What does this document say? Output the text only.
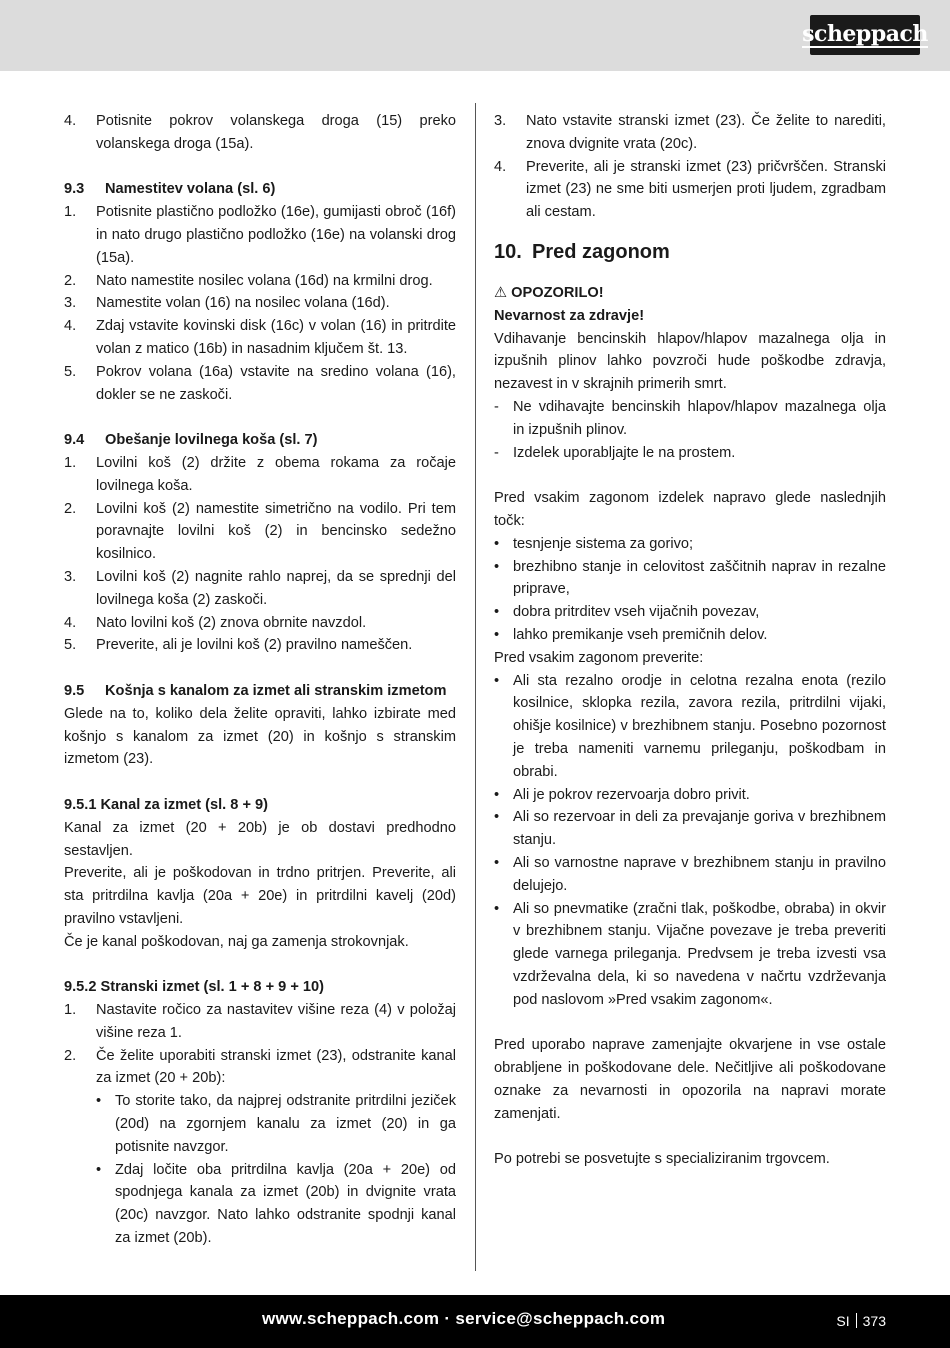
scheppach
4.	Potisnite pokrov volanskega droga (15) preko volanskega droga (15a).
9.3	Namestitev volana (sl. 6)
1.	Potisnite plastično podložko (16e), gumijasti obroč (16f) in nato drugo plastično podložko (16e) na volanski drog (15a).
2.	Nato namestite nosilec volana (16d) na krmilni drog.
3.	Namestite volan (16) na nosilec volana (16d).
4.	Zdaj vstavite kovinski disk (16c) v volan (16) in pritrdite volan z matico (16b) in nasadnim ključem št. 13.
5.	Pokrov volana (16a) vstavite na sredino volana (16), dokler se ne zaskoči.
9.4	Obešanje lovilnega koša (sl. 7)
1.	Lovilni koš (2) držite z obema rokama za ročaje lovilnega koša.
2.	Lovilni koš (2) namestite simetrično na vodilo. Pri tem poravnajte lovilni koš (2) in bencinsko sedežno kosilnico.
3.	Lovilni koš (2) nagnite rahlo naprej, da se sprednji del lovilnega koša (2) zaskoči.
4.	Nato lovilni koš (2) znova obrnite navzdol.
5.	Preverite, ali je lovilni koš (2) pravilno nameščen.
9.5	Košnja s kanalom za izmet ali stranskim izmetom

Glede na to, koliko dela želite opraviti, lahko izbirate med košnjo s kanalom za izmet (20) in košnjo s stranskim izmetom (23).

9.5.1 Kanal za izmet (sl. 8 + 9)

Kanal za izmet (20 + 20b) je ob dostavi predhodno sestavljen.

Preverite, ali je poškodovan in trdno pritrjen. Preverite, ali sta pritrdilna kavlja (20a + 20e) in pritrdilni kavelj (20d) pravilno vstavljeni.

Če je kanal poškodovan, naj ga zamenja strokovnjak.

9.5.2 Stranski izmet (sl. 1 + 8 + 9 + 10)
1.	Nastavite ročico za nastavitev višine reza (4) v položaj višine reza 1.
2.	Če želite uporabiti stranski izmet (23), odstranite kanal za izmet (20 + 20b):
• To storite tako, da najprej odstranite pritrdilni jeziček (20d) na zgornjem kanalu za izmet (20) in ga potisnite navzgor.
• Zdaj ločite oba pritrdilna kavlja (20a + 20e) od spodnjega kanala za izmet (20b) in dvignite vrata (20c) navzgor. Nato lahko odstranite spodnji kanal za izmet (20b).
3.	Nato vstavite stranski izmet (23). Če želite to narediti, znova dvignite vrata (20c).
4.	Preverite, ali je stranski izmet (23) pričvrščen. Stranski izmet (23) ne sme biti usmerjen proti ljudem, zgradbam ali cestam.
10. Pred zagonom
⚠ OPOZORILO!
Nevarnost za zdravje!

Vdihavanje bencinskih hlapov/hlapov mazalnega olja in izpušnih plinov lahko povzroči hude poškodbe zdravja, nezavest in v skrajnih primerih smrt.

- Ne vdihavajte bencinskih hlapov/hlapov mazalnega olja in izpušnih plinov.
- Izdelek uporabljajte le na prostem.

Pred vsakim zagonom izdelek napravo glede naslednjih točk:

• tesnjenje sistema za gorivo;
• brezhibno stanje in celovitost zaščitnih naprav in rezalne priprave,
• dobra pritrditev vseh vijačnih povezav,
• lahko premikanje vseh premičnih delov.

Pred vsakim zagonom preverite:

• Ali sta rezalno orodje in celotna rezalna enota (rezilo kosilnice, sklopka rezila, zavora rezila, pritrdilni vijaki, ohišje kosilnice) v brezhibnem stanju. Posebno pozornost je treba nameniti varnemu prileganju, poškodbam in obrabi.
• Ali je pokrov rezervoarja dobro privit.
• Ali so rezervoar in deli za prevajanje goriva v brezhibnem stanju.
• Ali so varnostne naprave v brezhibnem stanju in pravilno delujejo.
• Ali so pnevmatike (zračni tlak, poškodbe, obraba) in okvir v brezhibnem stanju. Vijačne povezave je treba preveriti glede varnega prileganja. Predvsem je treba izvesti vsa vzdrževalna dela, ki so navedena v načrtu vzdrževanja pod naslovom »Pred vsakim zagonom«.

Pred uporabo naprave zamenjajte okvarjene in vse ostale obrabljene in poškodovane dele. Nečitljive ali poškodovane oznake za nevarnosti in opozorila na napravi morate zamenjati.

Po potrebi se posvetujte s specializiranim trgovcem.

www.scheppach.com · service@scheppach.com	SI 373
